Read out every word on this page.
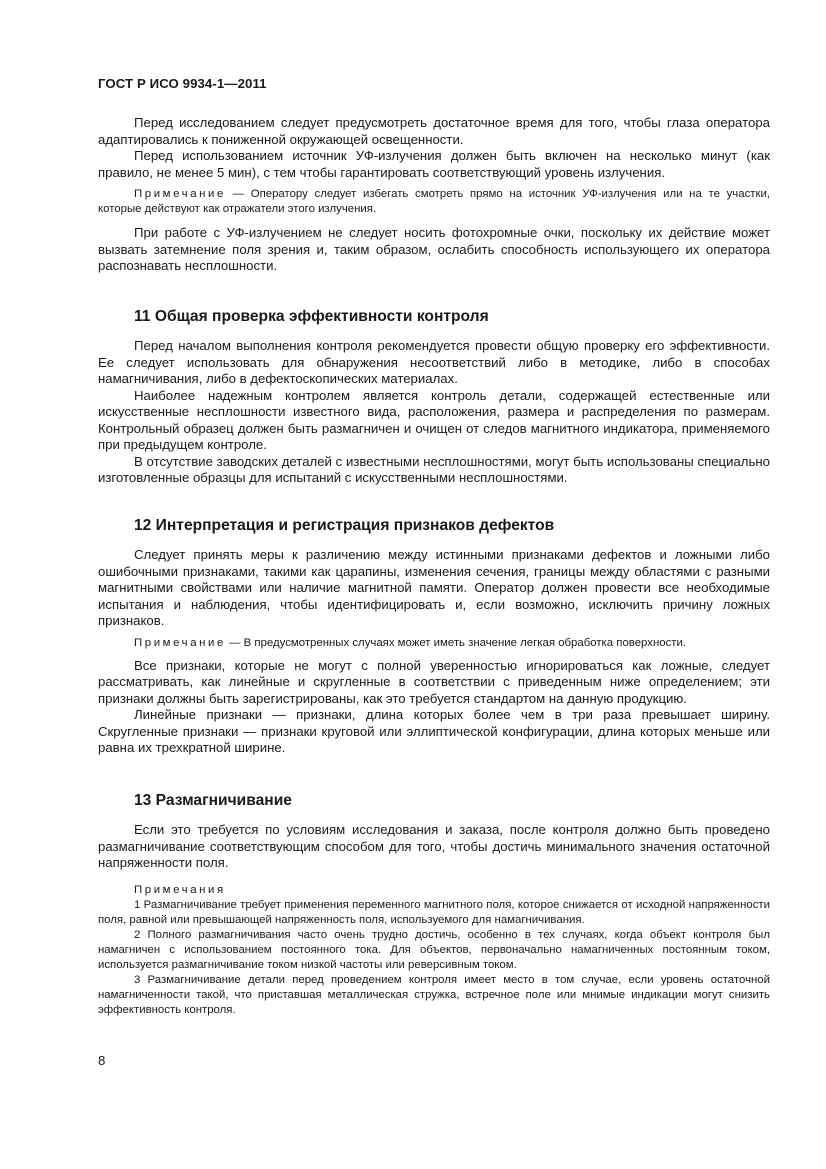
ГОСТ Р ИСО 9934-1—2011

Перед исследованием следует предусмотреть достаточное время для того, чтобы глаза оператора адаптировались к пониженной окружающей освещенности.

Перед использованием источник УФ-излучения должен быть включен на несколько минут (как правило, не менее 5 мин), с тем чтобы гарантировать соответствующий уровень излучения.

Примечание — Оператору следует избегать смотреть прямо на источник УФ-излучения или на те участки, которые действуют как отражатели этого излучения.

При работе с УФ-излучением не следует носить фотохромные очки, поскольку их действие может вызвать затемнение поля зрения и, таким образом, ослабить способность использующего их оператора распознавать несплошности.

11 Общая проверка эффективности контроля

Перед началом выполнения контроля рекомендуется провести общую проверку его эффективности. Ее следует использовать для обнаружения несоответствий либо в методике, либо в способах намагничивания, либо в дефектоскопических материалах.

Наиболее надежным контролем является контроль детали, содержащей естественные или искусственные несплошности известного вида, расположения, размера и распределения по размерам. Контрольный образец должен быть размагничен и очищен от следов магнитного индикатора, применяемого при предыдущем контроле.

В отсутствие заводских деталей с известными несплошностями, могут быть использованы специально изготовленные образцы для испытаний с искусственными несплошностями.

12 Интерпретация и регистрация признаков дефектов

Следует принять меры к различению между истинными признаками дефектов и ложными либо ошибочными признаками, такими как царапины, изменения сечения, границы между областями с разными магнитными свойствами или наличие магнитной памяти. Оператор должен провести все необходимые испытания и наблюдения, чтобы идентифицировать и, если возможно, исключить причину ложных признаков.

Примечание — В предусмотренных случаях может иметь значение легкая обработка поверхности.

Все признаки, которые не могут с полной уверенностью игнорироваться как ложные, следует рассматривать, как линейные и скругленные в соответствии с приведенным ниже определением; эти признаки должны быть зарегистрированы, как это требуется стандартом на данную продукцию.

Линейные признаки — признаки, длина которых более чем в три раза превышает ширину. Скругленные признаки — признаки круговой или эллиптической конфигурации, длина которых меньше или равна их трехкратной ширине.

13 Размагничивание

Если это требуется по условиям исследования и заказа, после контроля должно быть проведено размагничивание соответствующим способом для того, чтобы достичь минимального значения остаточной напряженности поля.

Примечания

1 Размагничивание требует применения переменного магнитного поля, которое снижается от исходной напряженности поля, равной или превышающей напряженность поля, используемого для намагничивания.

2 Полного размагничивания часто очень трудно достичь, особенно в тех случаях, когда объект контроля был намагничен с использованием постоянного тока. Для объектов, первоначально намагниченных постоянным током, используется размагничивание током низкой частоты или реверсивным током.

3 Размагничивание детали перед проведением контроля имеет место в том случае, если уровень остаточной намагниченности такой, что приставшая металлическая стружка, встречное поле или мнимые индикации могут снизить эффективность контроля.

8
